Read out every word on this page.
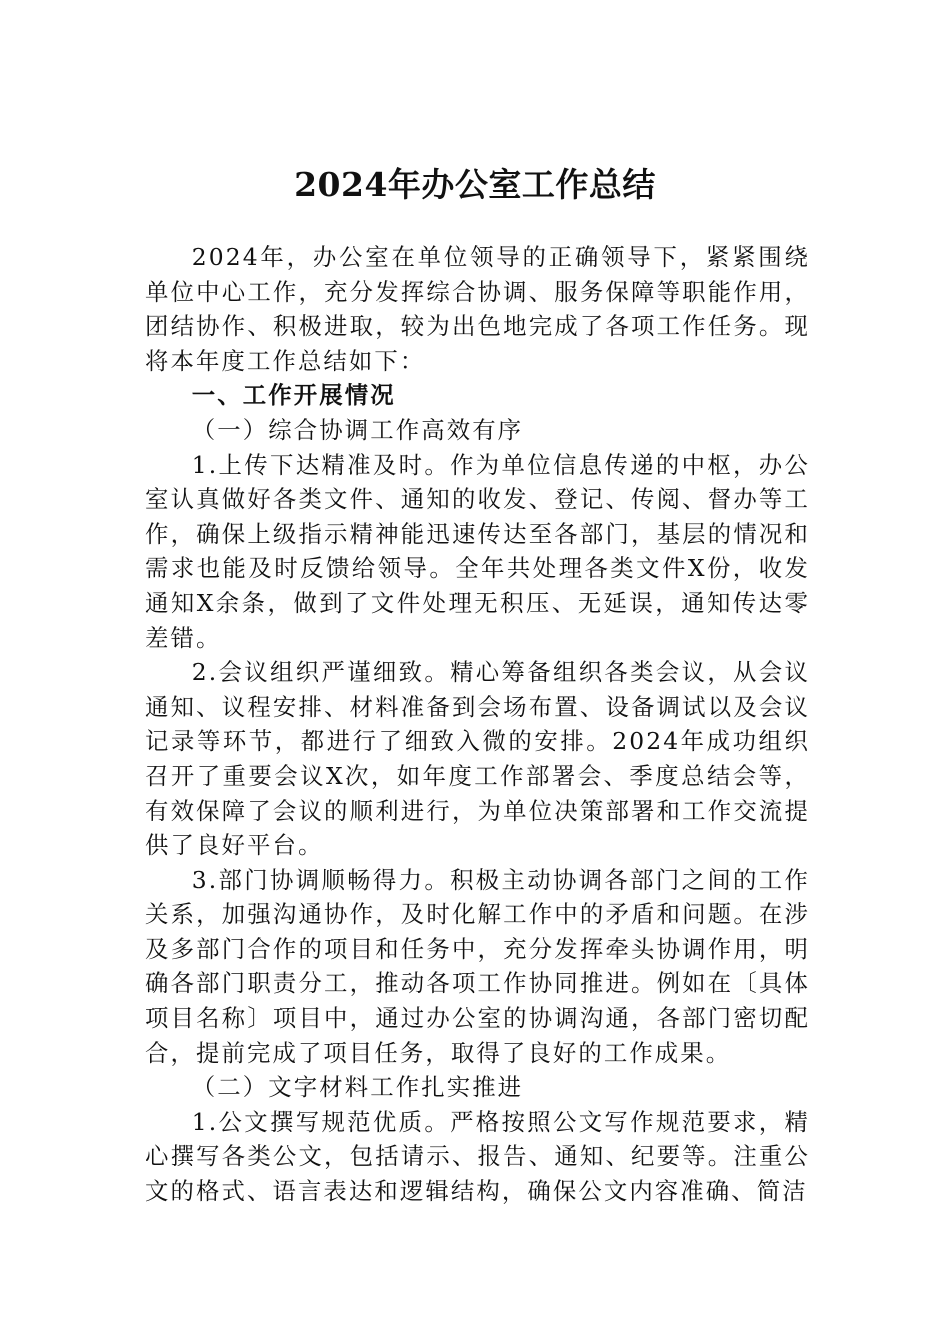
2024年办公室工作总结

2024年，办公室在单位领导的正确领导下，紧紧围绕单位中心工作，充分发挥综合协调、服务保障等职能作用，团结协作、积极进取，较为出色地完成了各项工作任务。现将本年度工作总结如下：

一、工作开展情况

（一）综合协调工作高效有序

1.上传下达精准及时。作为单位信息传递的中枢，办公室认真做好各类文件、通知的收发、登记、传阅、督办等工作，确保上级指示精神能迅速传达至各部门，基层的情况和需求也能及时反馈给领导。全年共处理各类文件X份，收发通知X余条，做到了文件处理无积压、无延误，通知传达零差错。

2.会议组织严谨细致。精心筹备组织各类会议，从会议通知、议程安排、材料准备到会场布置、设备调试以及会议记录等环节，都进行了细致入微的安排。2024年成功组织召开了重要会议X次，如年度工作部署会、季度总结会等，有效保障了会议的顺利进行，为单位决策部署和工作交流提供了良好平台。

3.部门协调顺畅得力。积极主动协调各部门之间的工作关系，加强沟通协作，及时化解工作中的矛盾和问题。在涉及多部门合作的项目和任务中，充分发挥牵头协调作用，明确各部门职责分工，推动各项工作协同推进。例如在〔具体项目名称〕项目中，通过办公室的协调沟通，各部门密切配合，提前完成了项目任务，取得了良好的工作成果。

（二）文字材料工作扎实推进

1.公文撰写规范优质。严格按照公文写作规范要求，精心撰写各类公文，包括请示、报告、通知、纪要等。注重公文的格式、语言表达和逻辑结构，确保公文内容准确、简洁
